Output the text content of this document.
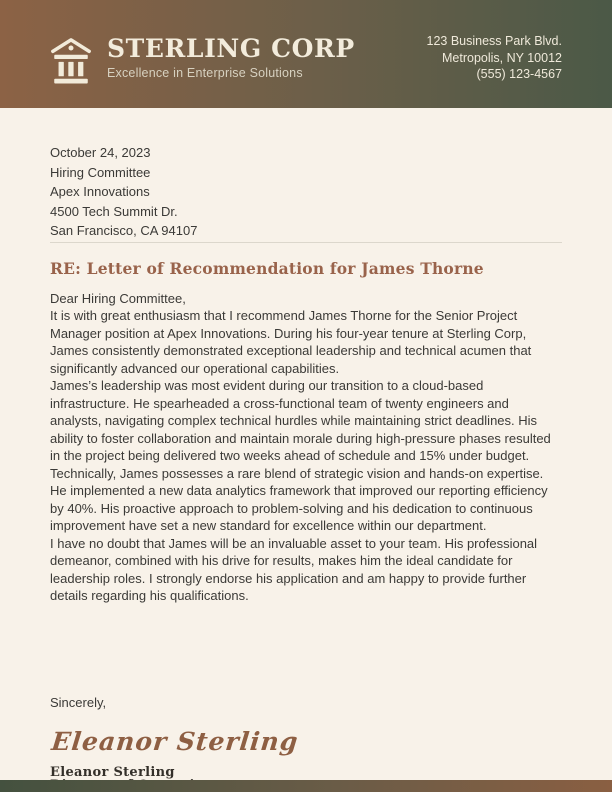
STERLING CORP
Excellence in Enterprise Solutions
123 Business Park Blvd.
Metropolis, NY 10012
(555) 123-4567
October 24, 2023
Hiring Committee
Apex Innovations
4500 Tech Summit Dr.
San Francisco, CA 94107
RE: Letter of Recommendation for James Thorne

Dear Hiring Committee,

It is with great enthusiasm that I recommend James Thorne for the Senior Project Manager position at Apex Innovations. During his four-year tenure at Sterling Corp, James consistently demonstrated exceptional leadership and technical acumen that significantly advanced our operational capabilities.

James’s leadership was most evident during our transition to a cloud-based infrastructure. He spearheaded a cross-functional team of twenty engineers and analysts, navigating complex technical hurdles while maintaining strict deadlines. His ability to foster collaboration and maintain morale during high-pressure phases resulted in the project being delivered two weeks ahead of schedule and 15% under budget.

Technically, James possesses a rare blend of strategic vision and hands-on expertise. He implemented a new data analytics framework that improved our reporting efficiency by 40%. His proactive approach to problem-solving and his dedication to continuous improvement have set a new standard for excellence within our department.

I have no doubt that James will be an invaluable asset to your team. His professional demeanor, combined with his drive for results, makes him the ideal candidate for leadership roles. I strongly endorse his application and am happy to provide further details regarding his qualifications.

Sincerely,
Eleanor Sterling
Eleanor Sterling
